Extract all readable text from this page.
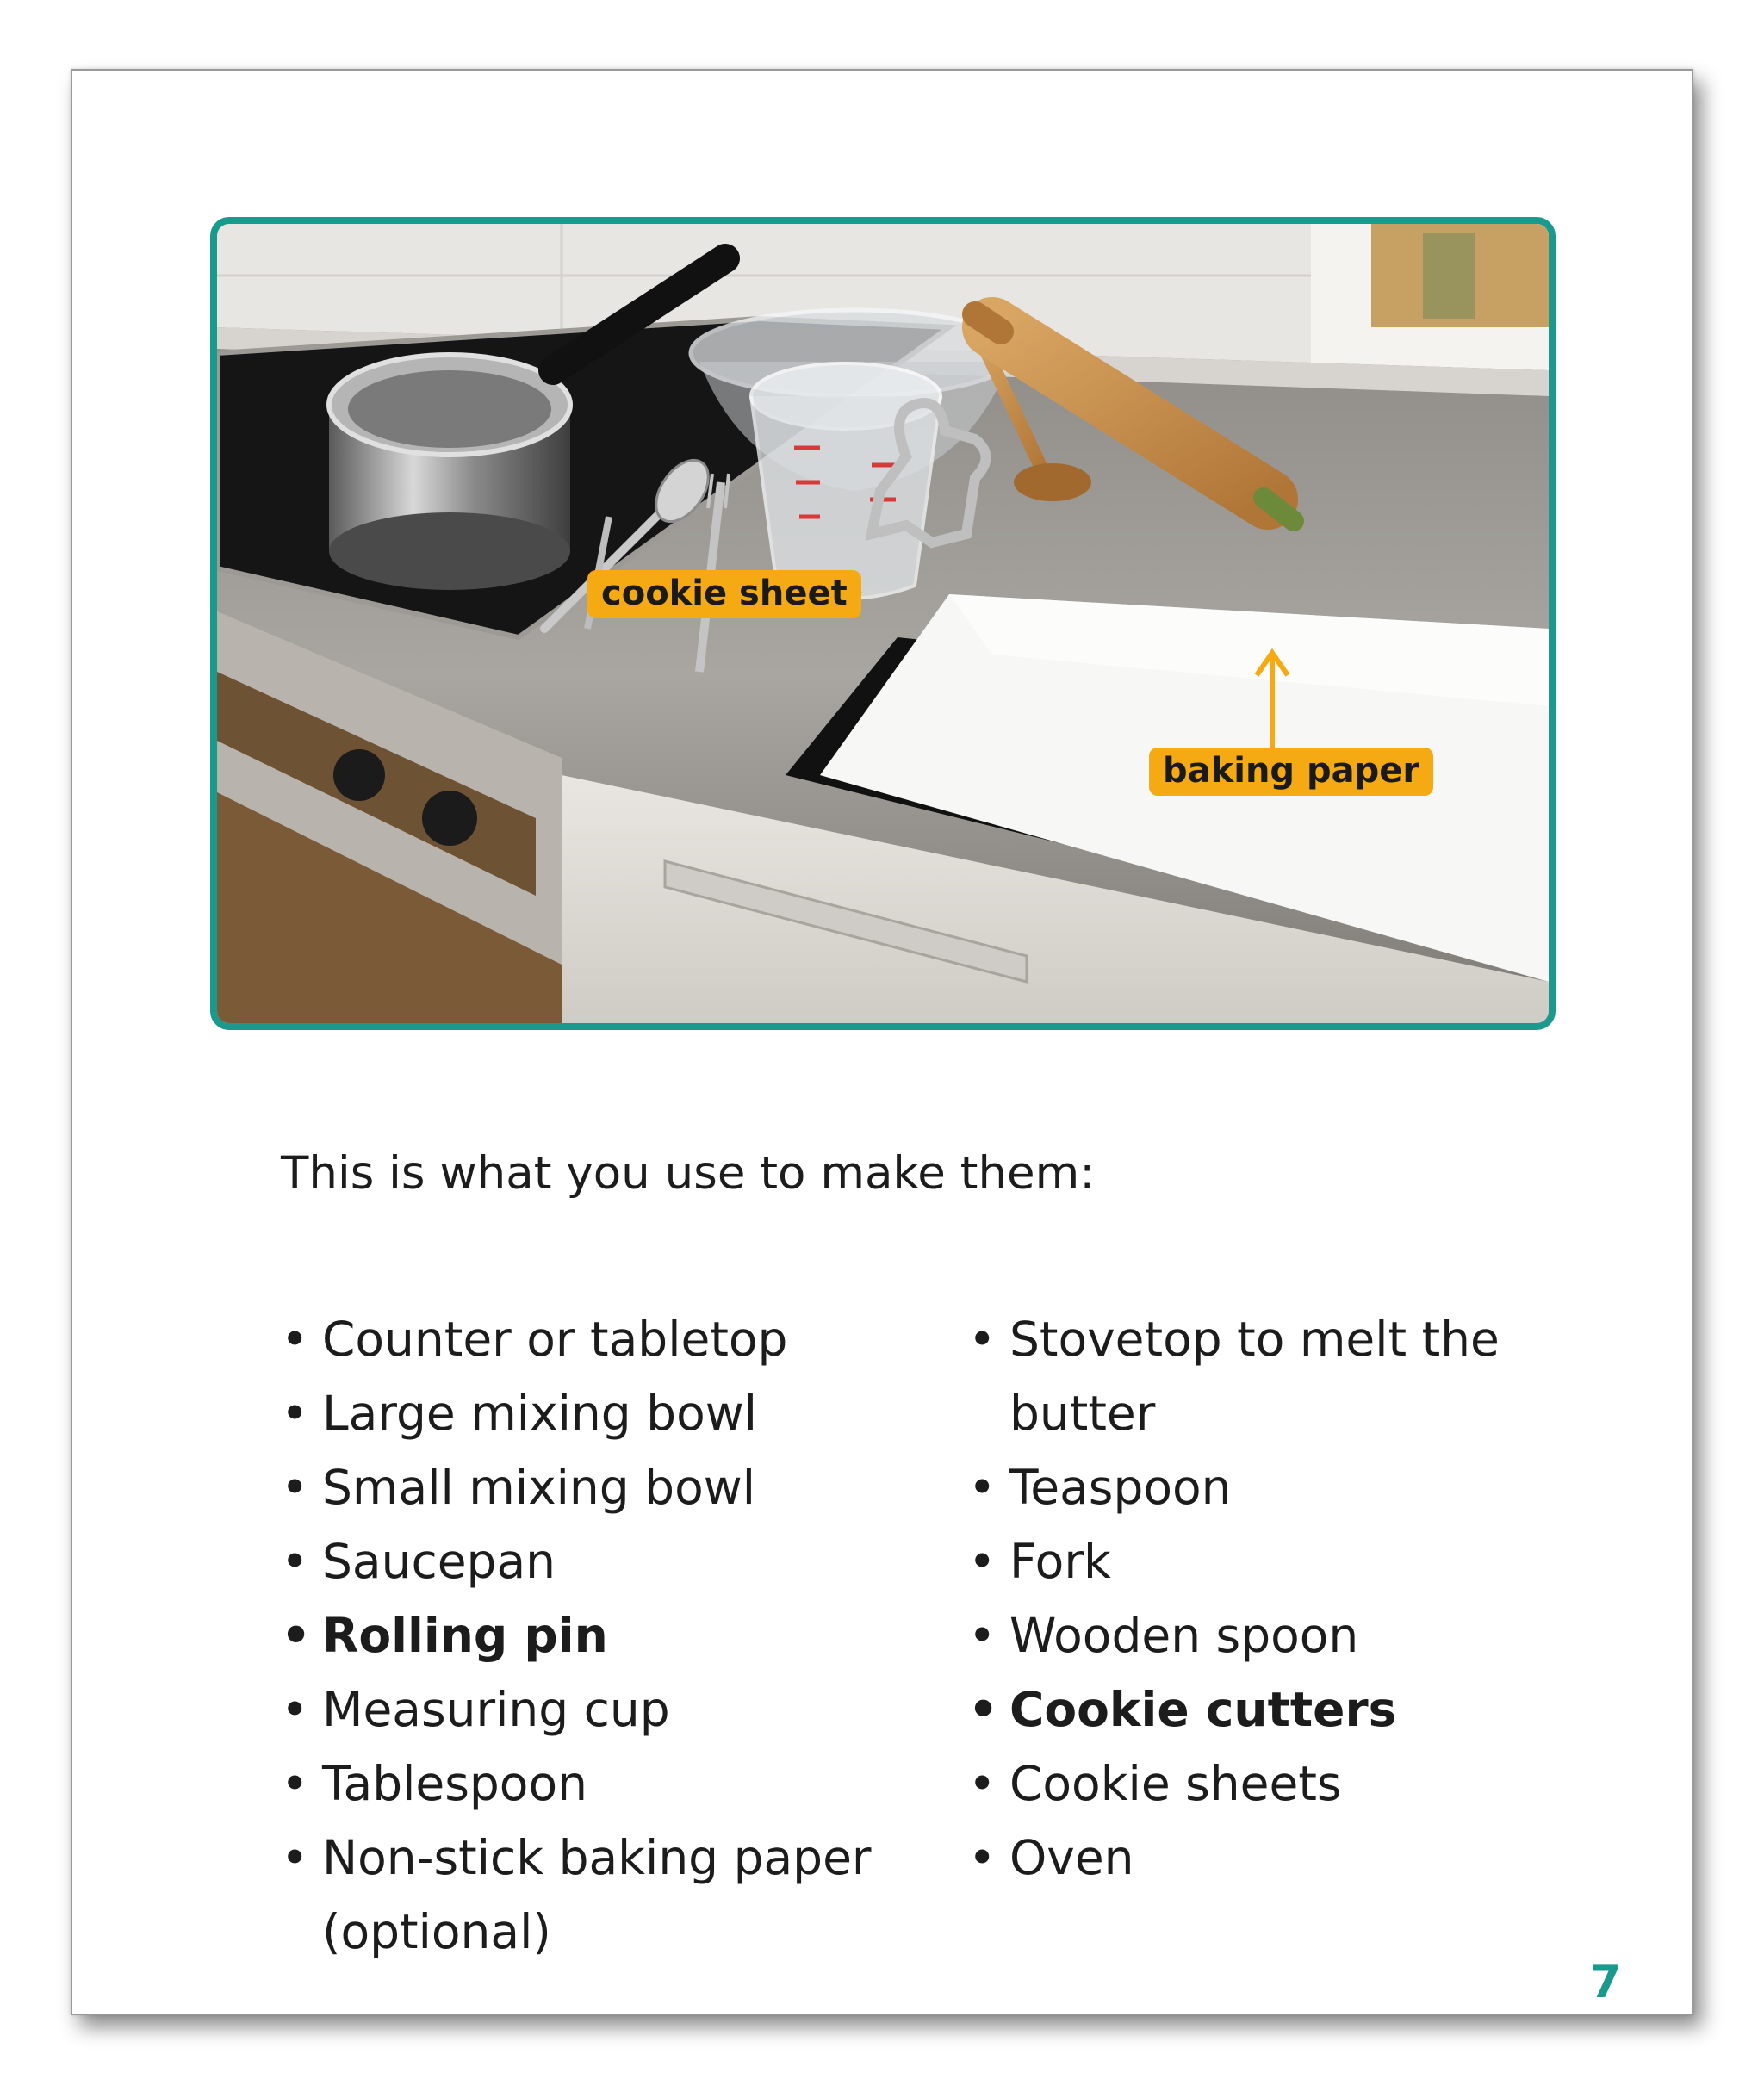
cookie sheet
baking paper

This is what you use to make them:

• Counter or tabletop
• Large mixing bowl
• Small mixing bowl
• Saucepan
• Rolling pin
• Measuring cup
• Tablespoon
• Non-stick baking paper (optional)
• Stovetop to melt the butter
• Teaspoon
• Fork
• Wooden spoon
• Cookie cutters
• Cookie sheets
• Oven
7
